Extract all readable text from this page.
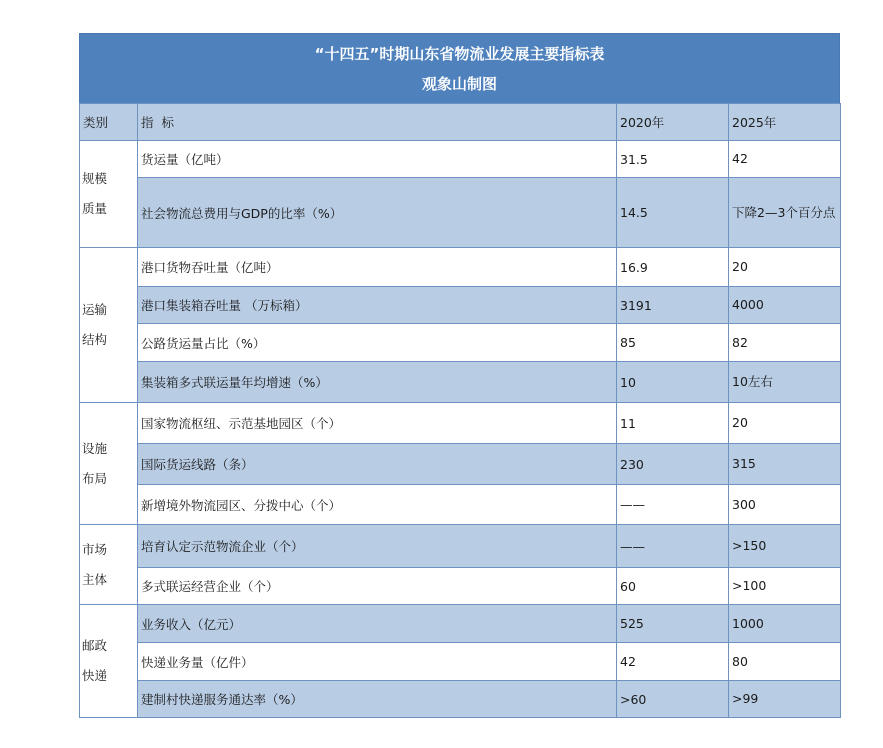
“十四五”时期山东省物流业发展主要指标表
观象山制图
类别	指  标	2020年	2025年
规模
质量	货运量（亿吨）	31.5	42
	社会物流总费用与GDP的比率（%）	14.5	下降2—3个百分点
运输
结构	港口货物吞吐量（亿吨）	16.9	20
	港口集装箱吞吐量 （万标箱）	3191	4000
	公路货运量占比（%）	85	82
	集装箱多式联运量年均增速（%）	10	10左右
设施
布局	国家物流枢纽、示范基地园区（个）	11	20
	国际货运线路（条）	230	315
	新增境外物流园区、分拨中心（个）	——	300
市场
主体	培育认定示范物流企业（个）	——	>150
	多式联运经营企业（个）	60	>100
邮政
快递	业务收入（亿元）	525	1000
	快递业务量（亿件）	42	80
	建制村快递服务通达率（%）	>60	>99
